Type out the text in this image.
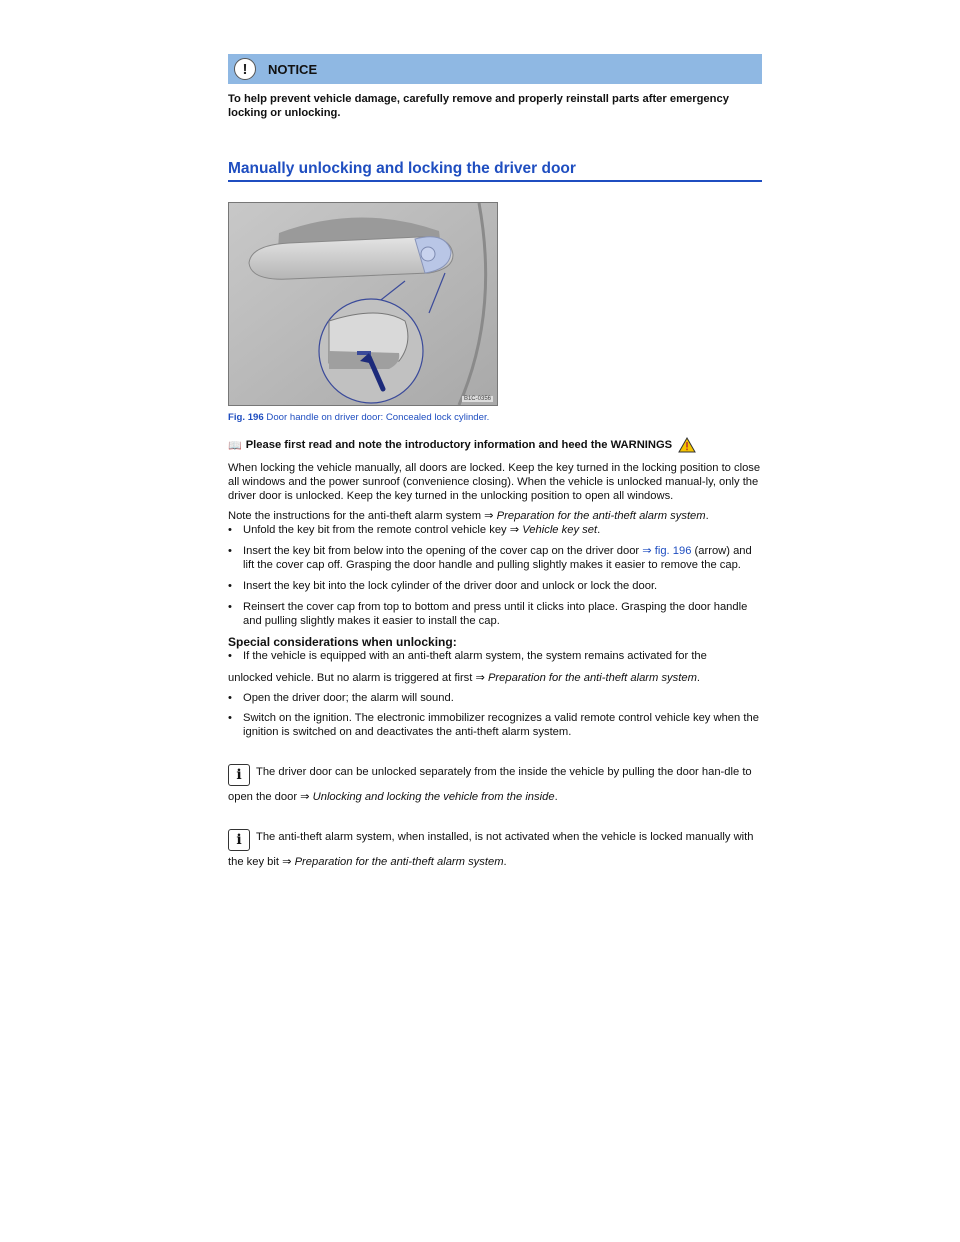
!	NOTICE
To help prevent vehicle damage, carefully remove and properly reinstall parts after emergency locking or unlocking.
Manually unlocking and locking the driver door
B1C-0356
Fig. 196 Door handle on driver door: Concealed lock cylinder.
📖 Please first read and note the introductory information and heed the WARNINGS

When locking the vehicle manually, all doors are locked. Keep the key turned in the locking position to close all windows and the power sunroof (convenience closing). When the vehicle is unlocked manual-ly, only the driver door is unlocked. Keep the key turned in the unlocking position to open all windows.

Note the instructions for the anti-theft alarm system ⇒ Preparation for the anti-theft alarm system.

• Unfold the key bit from the remote control vehicle key ⇒ Vehicle key set.
• Insert the key bit from below into the opening of the cover cap on the driver door ⇒ fig. 196 (arrow) and lift the cover cap off. Grasping the door handle and pulling slightly makes it easier to remove the cap.
• Insert the key bit into the lock cylinder of the driver door and unlock or lock the door.
• Reinsert the cover cap from top to bottom and press until it clicks into place. Grasping the door handle and pulling slightly makes it easier to install the cap.
Special considerations when unlocking:
• If the vehicle is equipped with an anti-theft alarm system, the system remains activated for the
unlocked vehicle. But no alarm is triggered at first ⇒ Preparation for the anti-theft alarm system.
• Open the driver door; the alarm will sound.
• Switch on the ignition. The electronic immobilizer recognizes a valid remote control vehicle key when the ignition is switched on and deactivates the anti-theft alarm system.

i The driver door can be unlocked separately from the inside the vehicle by pulling the door han-dle to open the door ⇒ Unlocking and locking the vehicle from the inside.

i The anti-theft alarm system, when installed, is not activated when the vehicle is locked manually with the key bit ⇒ Preparation for the anti-theft alarm system.
